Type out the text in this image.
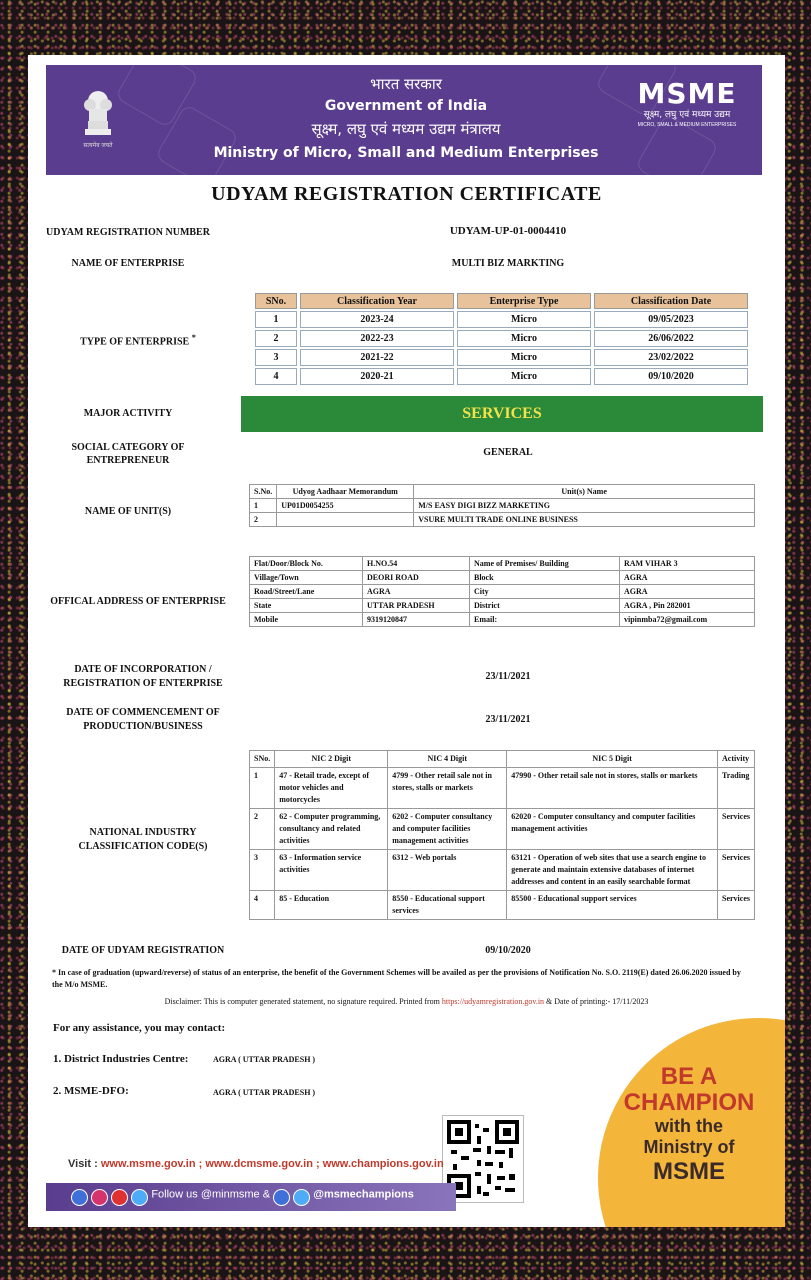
सत्यमेव जयते
भारत सरकार
Government of India
सूक्ष्म, लघु एवं मध्यम उद्यम मंत्रालय
Ministry of Micro, Small and Medium Enterprises
MSME
सूक्ष्म, लघु एवं मध्यम उद्यम
MICRO, SMALL & MEDIUM ENTERPRISES
UDYAM REGISTRATION CERTIFICATE
UDYAM REGISTRATION NUMBER	UDYAM-UP-01-0004410
NAME OF ENTERPRISE	MULTI BIZ MARKTING
TYPE OF ENTERPRISE *
SNo.	Classification Year	Enterprise Type	Classification Date
1	2023-24	Micro	09/05/2023
2	2022-23	Micro	26/06/2022
3	2021-22	Micro	23/02/2022
4	2020-21	Micro	09/10/2020
MAJOR ACTIVITY	SERVICES
SOCIAL CATEGORY OF
ENTREPRENEUR
GENERAL
NAME OF UNIT(S)
S.No.	Udyog Aadhaar Memorandum	Unit(s) Name
1	UP01D0054255	M/S EASY DIGI BIZZ MARKETING
2		VSURE MULTI TRADE ONLINE BUSINESS
OFFICAL ADDRESS OF ENTERPRISE
Flat/Door/Block No.	H.NO.54	Name of Premises/ Building	RAM VIHAR 3
Village/Town	DEORI ROAD	Block	AGRA
Road/Street/Lane	AGRA	City	AGRA
State	UTTAR PRADESH	District	AGRA , Pin 282001
Mobile	9319120847	Email:	vipinmba72@gmail.com
DATE OF INCORPORATION /
REGISTRATION OF ENTERPRISE
23/11/2021
DATE OF COMMENCEMENT OF
PRODUCTION/BUSINESS
23/11/2021
NATIONAL INDUSTRY
CLASSIFICATION CODE(S)
SNo.	NIC 2 Digit	NIC 4 Digit	NIC 5 Digit	Activity
1	47 - Retail trade, except of motor vehicles and motorcycles	4799 - Other retail sale not in stores, stalls or markets	47990 - Other retail sale not in stores, stalls or markets	Trading
2	62 - Computer programming, consultancy and related activities	6202 - Computer consultancy and computer facilities management activities	62020 - Computer consultancy and computer facilities management activities	Services
3	63 - Information service activities	6312 - Web portals	63121 - Operation of web sites that use a search engine to generate and maintain extensive databases of internet addresses and content in an easily searchable format	Services
4	85 - Education	8550 - Educational support services	85500 - Educational support services	Services
DATE OF UDYAM REGISTRATION	09/10/2020
* In case of graduation (upward/reverse) of status of an enterprise, the benefit of the Government Schemes will be availed as per the provisions of Notification No. S.O. 2119(E) dated 26.06.2020 issued by the M/o MSME.
Disclaimer: This is computer generated statement, no signature required. Printed from https://udyamregistration.gov.in & Date of printing:- 17/11/2023
For any assistance, you may contact:
1. District Industries Centre:	AGRA ( UTTAR PRADESH )
2. MSME-DFO:	AGRA ( UTTAR PRADESH )
BE A
CHAMPION
with the
Ministry of
MSME
Visit : www.msme.gov.in ; www.dcmsme.gov.in ; www.champions.gov.in
Follow us @minmsme &	@msmechampions
